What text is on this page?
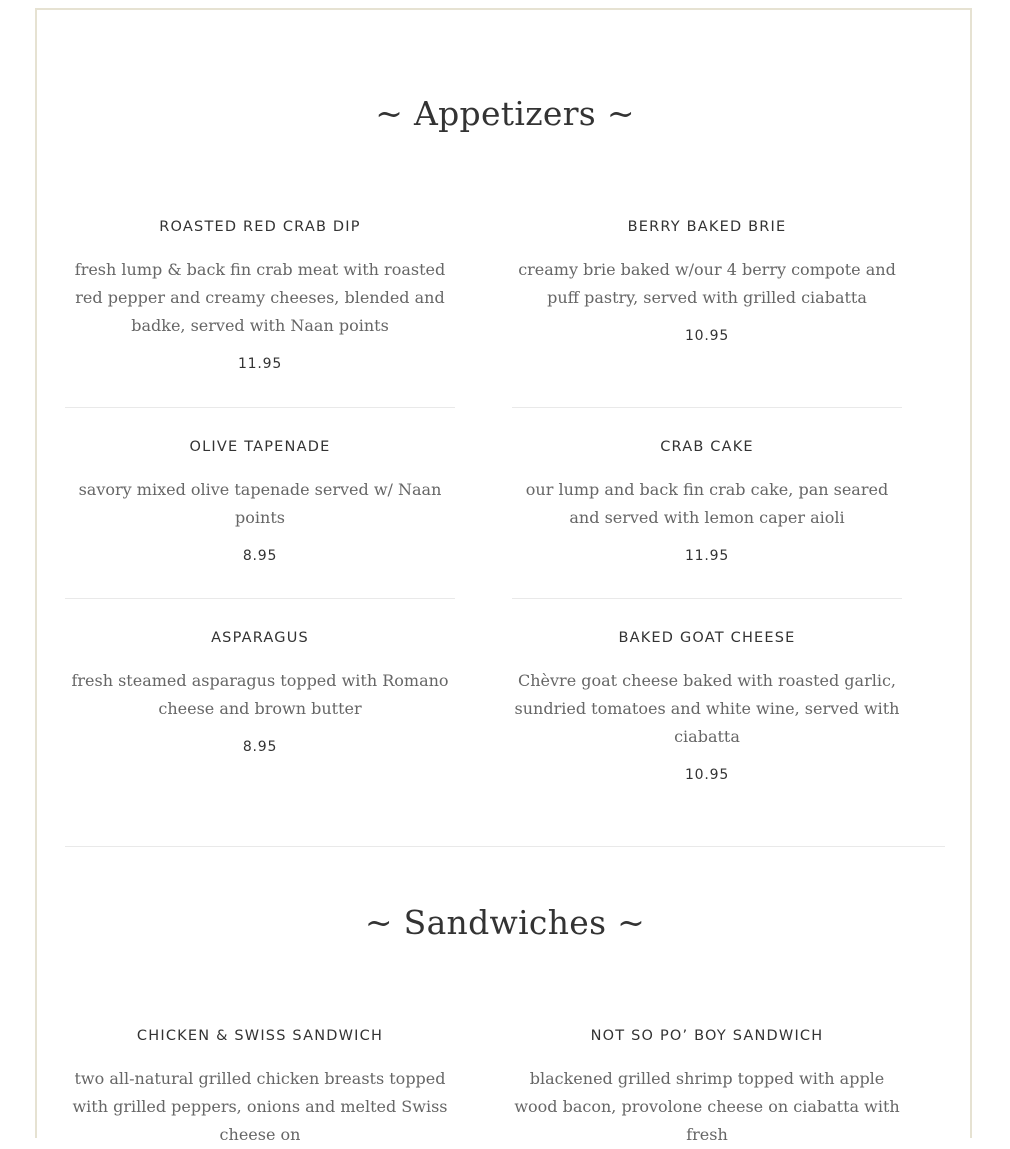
~ Appetizers ~
ROASTED RED CRAB DIP

fresh lump & back fin crab meat with roasted red pepper and creamy cheeses, blended and badke, served with Naan points

11.95
BERRY BAKED BRIE

creamy brie baked w/our 4 berry compote and puff pastry, served with grilled ciabatta

10.95
OLIVE TAPENADE

savory mixed olive tapenade served w/ Naan points

8.95
CRAB CAKE

our lump and back fin crab cake, pan seared and served with lemon caper aioli

11.95
ASPARAGUS

fresh steamed asparagus topped with Romano cheese and brown butter

8.95
BAKED GOAT CHEESE

Chèvre goat cheese baked with roasted garlic, sundried tomatoes and white wine, served with ciabatta

10.95
~ Sandwiches ~
CHICKEN & SWISS SANDWICH

two all-natural grilled chicken breasts topped with grilled peppers, onions and melted Swiss cheese on

NOT SO PO’ BOY SANDWICH

blackened grilled shrimp topped with apple wood bacon, provolone cheese on ciabatta with fresh
